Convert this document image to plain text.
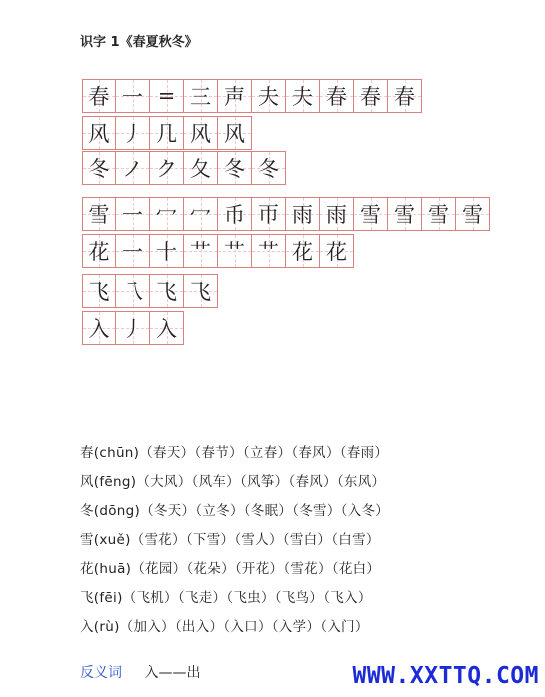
识字 1《春夏秋冬》
春 一 = 三 声 夫 夫 春 春 春
风 丿 几 风 风
冬 ノ ク 夂 冬 冬
雪 一 冖 冖 币 帀 雨 雨 雪 雪 雪 雪
花 一 十 艹 艹 艹 花 花
飞 乁 飞 飞
入 丿 入
春(chūn)（春天）（春节）（立春）（春风）（春雨）
风(fēng)（大风）（风车）（风筝）（春风）（东风）
冬(dōng)（冬天）（立冬）（冬眠）（冬雪）（入冬）
雪(xuě)（雪花）（下雪）（雪人）（雪白）（白雪）
花(huā)（花园）（花朵）（开花）（雪花）（花白）
飞(fēi)（飞机）（飞走）（飞虫）（飞鸟）（飞入）
入(rù)（加入）（出入）（入口）（入学）（入门）
反义词 入——出	WWW.XXTTQ.COM
